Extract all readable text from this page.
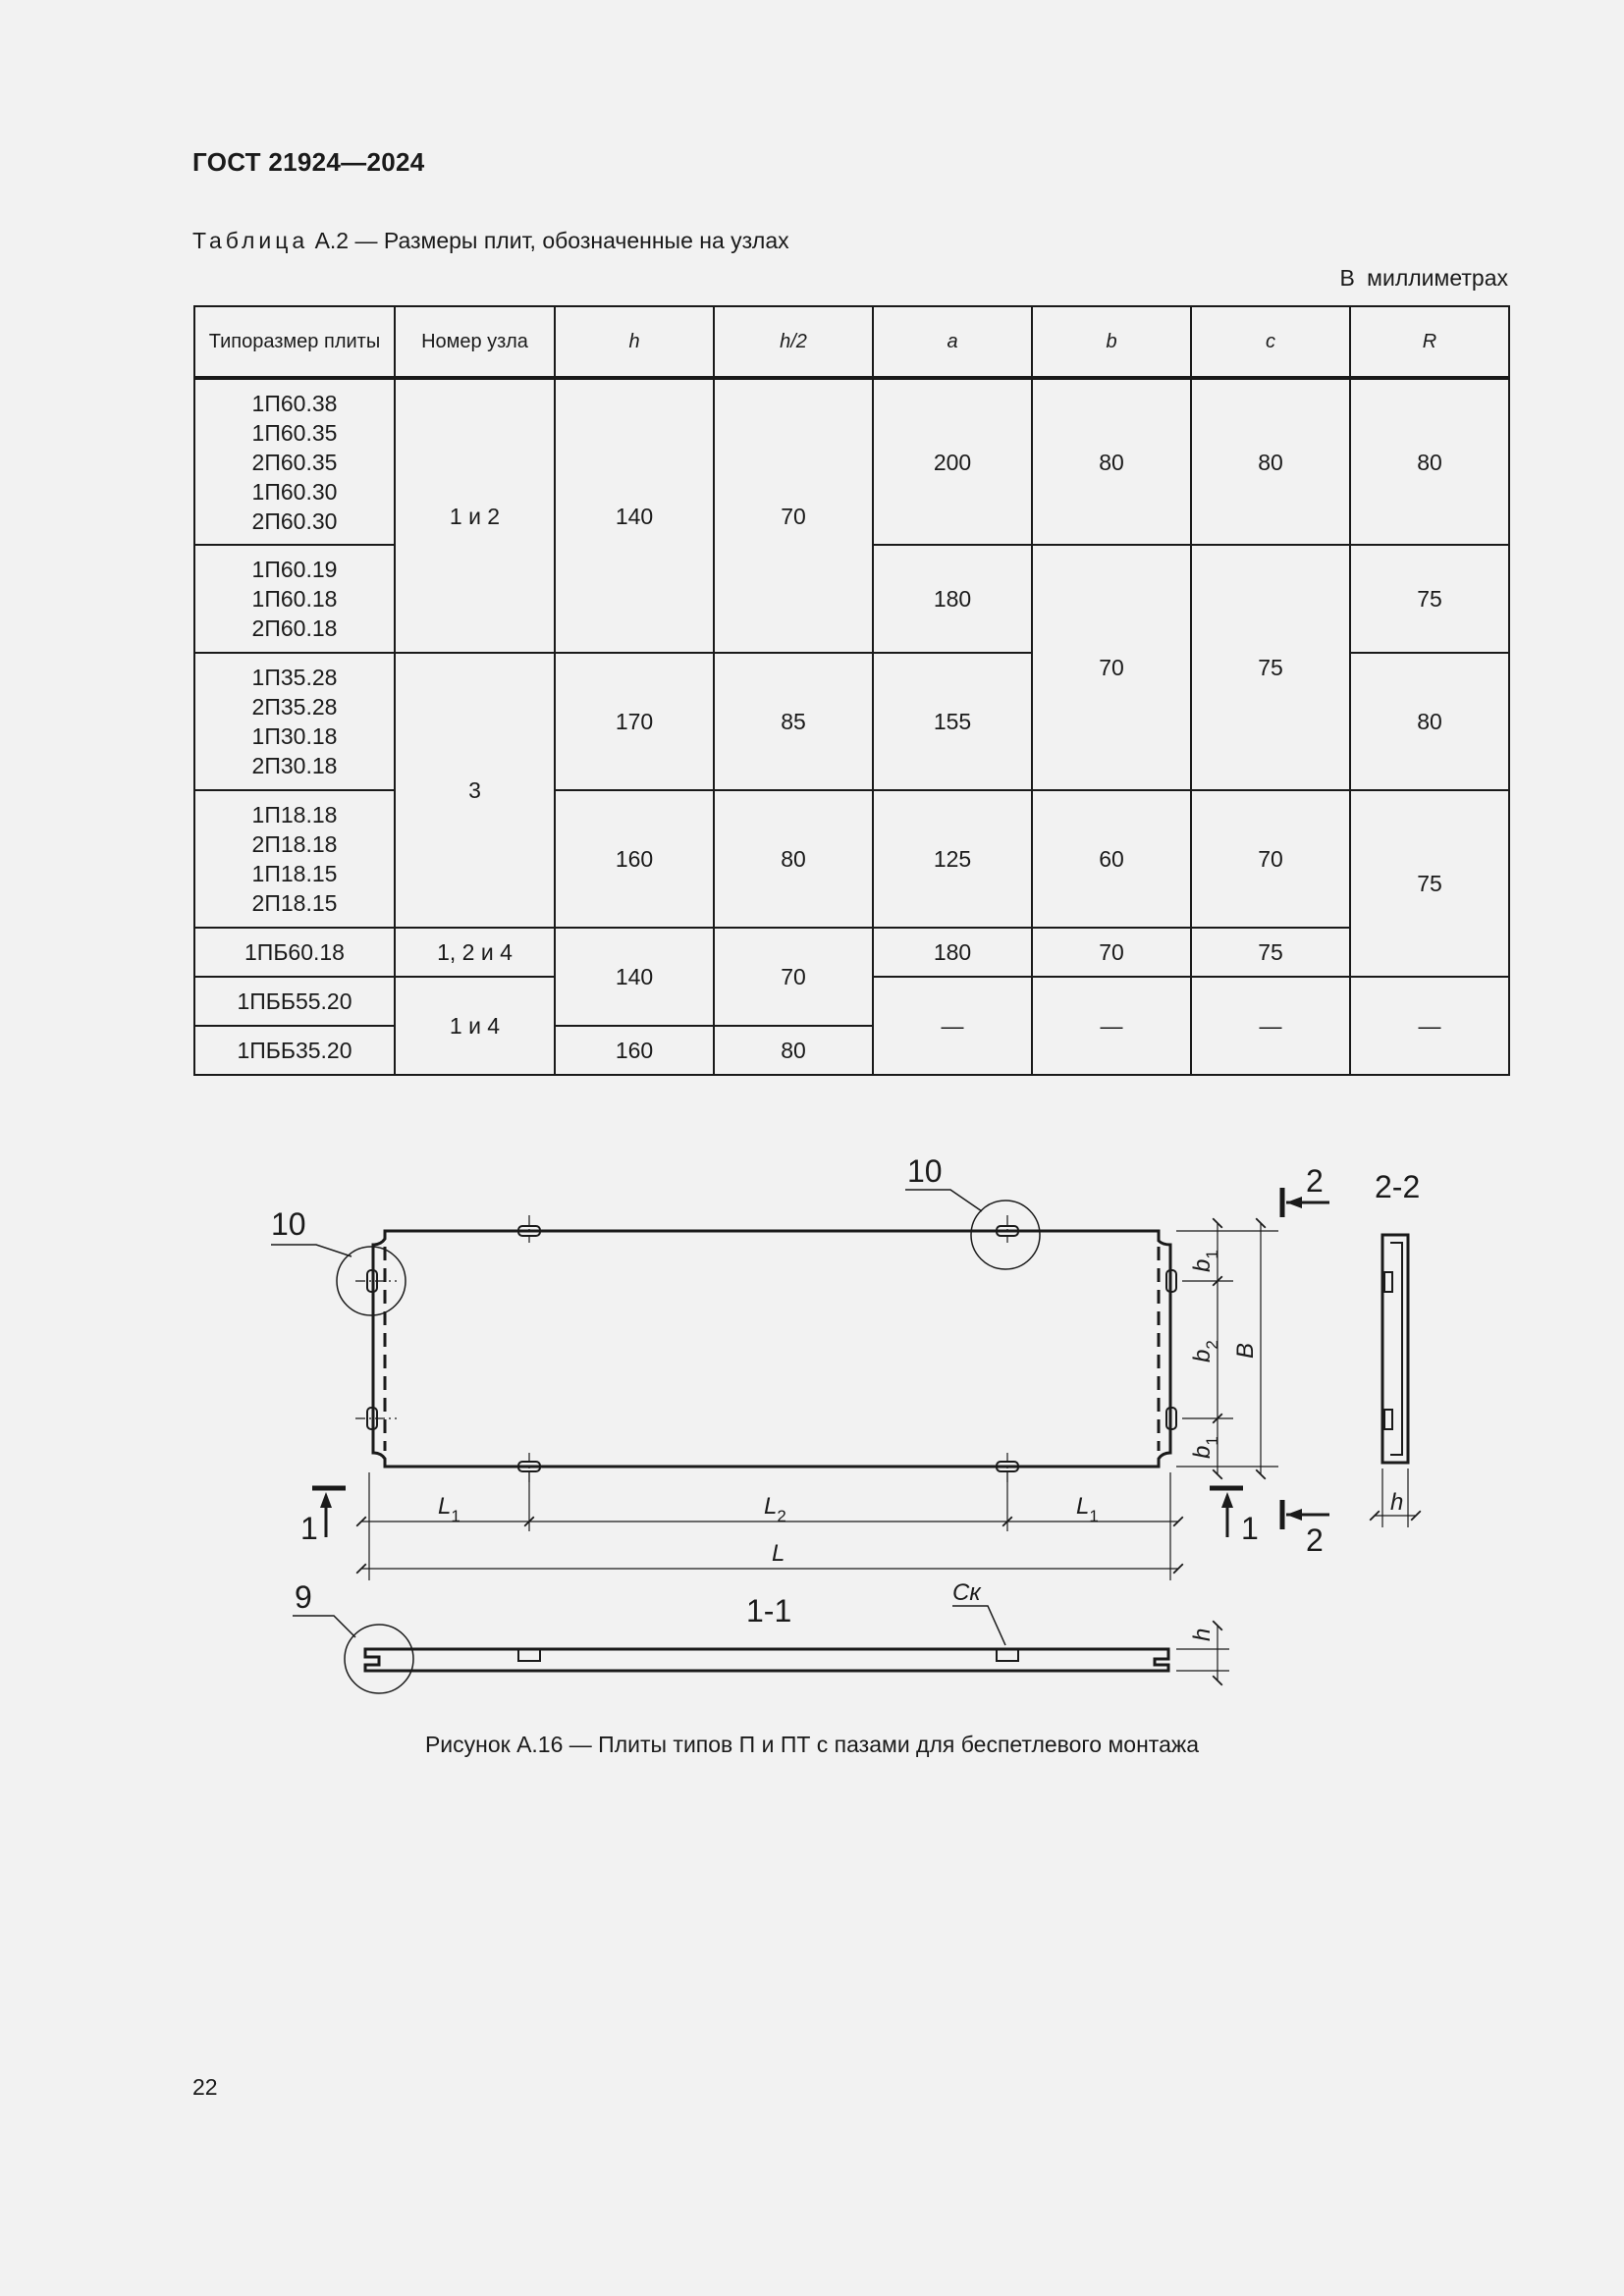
ГОСТ 21924—2024
Таблица А.2 — Размеры плит, обозначенные на узлах
В миллиметрах
Типоразмер плиты	Номер узла	h	h/2	a	b	c	R

1П60.38
1П60.35
2П60.35
1П60.30
2П60.30	1 и 2	140	70	200	80	80	80

1П60.19
1П60.18
2П60.18				180	70	75	75

1П35.28
2П35.28
1П30.18
2П30.18	3	170	85	155			80

1П18.18
2П18.18
1П18.15
2П18.15		160	80	125	60	70	75
1ПБ60.18	1, 2 и 4	140	70	180	70	75	
1ПББ55.20	1 и 4			—	—	—	—
1ПББ35.20		160	80				
10
10
9
2
2
2-2
1	1
1-1
$L_1$	$L_2$	$L_1$
L
B
$b_1$
$b_2$
$b_1$
h
h
Ск
Рисунок А.16 — Плиты типов П и ПТ с пазами для беспетлевого монтажа
22
